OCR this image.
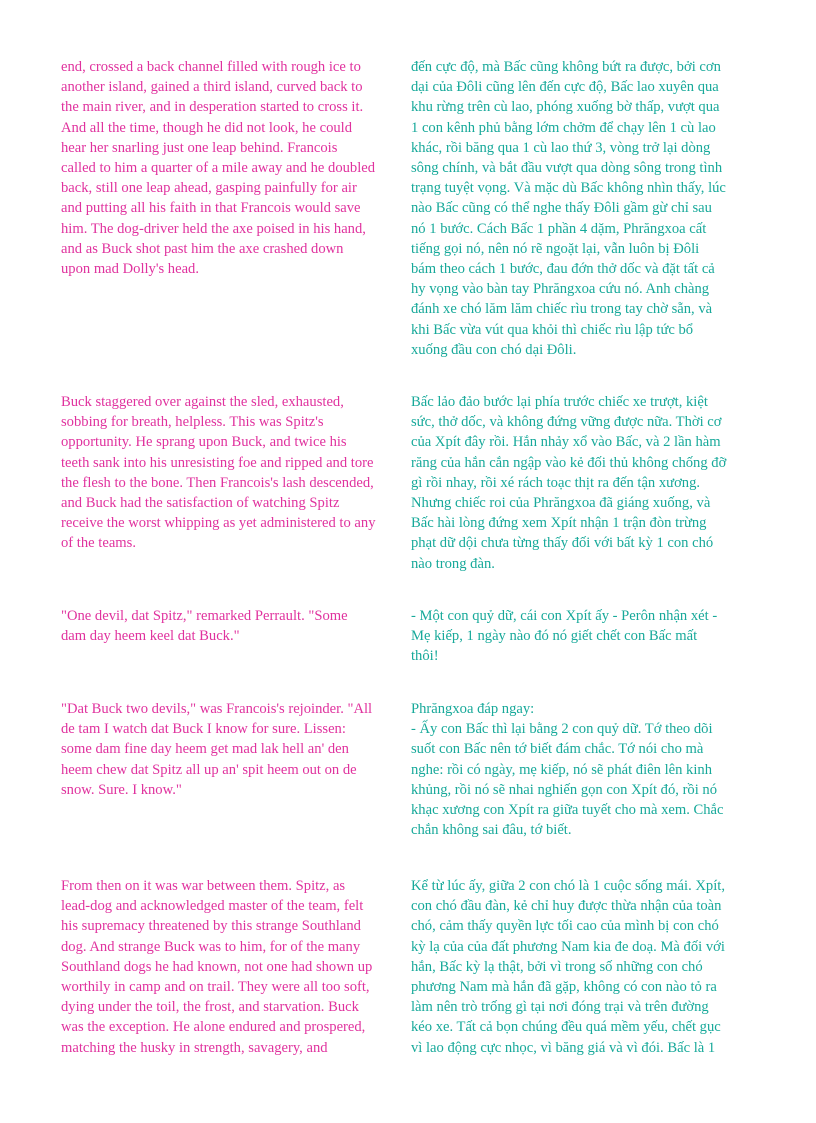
end, crossed a back channel filled with rough ice to
another island, gained a third island, curved back to
the main river, and in desperation started to cross it.
And all the time, though he did not look, he could
hear her snarling just one leap behind. Francois
called to him a quarter of a mile away and he doubled
back, still one leap ahead, gasping painfully for air
and putting all his faith in that Francois would save
him. The dog-driver held the axe poised in his hand,
and as Buck shot past him the axe crashed down
upon mad Dolly's head.
đến cực độ, mà Bấc cũng không bứt ra được, bởi cơn
dại của Đôli cũng lên đến cực độ, Bấc lao xuyên qua
khu rừng trên cù lao, phóng xuống bờ thấp, vượt qua
1 con kênh phủ bằng lớm chởm để chạy lên 1 cù lao
khác, rồi băng qua 1 cù lao thứ 3, vòng trở lại dòng
sông chính, và bắt đầu vượt qua dòng sông trong tình
trạng tuyệt vọng. Và mặc dù Bấc không nhìn thấy, lúc
nào Bấc cũng có thể nghe thấy Đôli gầm gừ chỉ sau
nó 1 bước. Cách Bấc 1 phần 4 dặm, Phrăngxoa cất
tiếng gọi nó, nên nó rẽ ngoặt lại, vẫn luôn bị Đôli
bám theo cách 1 bước, đau đớn thở dốc và đặt tất cả
hy vọng vào bàn tay Phrăngxoa cứu nó. Anh chàng
đánh xe chó lăm lăm chiếc rìu trong tay chờ sẵn, và
khi Bấc vừa vút qua khỏi thì chiếc rìu lập tức bổ
xuống đầu con chó dại Đôli.
Buck staggered over against the sled, exhausted,
sobbing for breath, helpless. This was Spitz's
opportunity. He sprang upon Buck, and twice his
teeth sank into his unresisting foe and ripped and tore
the flesh to the bone. Then Francois's lash descended,
and Buck had the satisfaction of watching Spitz
receive the worst whipping as yet administered to any
of the teams.
Bấc lảo đảo bước lại phía trước chiếc xe trượt, kiệt
sức, thở dốc, và không đứng vững được nữa. Thời cơ
của Xpít đây rồi. Hắn nhảy xổ vào Bấc, và 2 lần hàm
răng của hắn cắn ngập vào kẻ đối thủ không chống đỡ
gì rồi nhay, rồi xé rách toạc thịt ra đến tận xương.
Nhưng chiếc roi của Phrăngxoa đã giáng xuống, và
Bấc hài lòng đứng xem Xpít nhận 1 trận đòn trừng
phạt dữ dội chưa từng thấy đối với bất kỳ 1 con chó
nào trong đàn.
"One devil, dat Spitz," remarked Perrault. "Some
dam day heem keel dat Buck."
- Một con quỷ dữ, cái con Xpít ấy - Perôn nhận xét -
Mẹ kiếp, 1 ngày nào đó nó giết chết con Bấc mất
thôi!
"Dat Buck two devils," was Francois's rejoinder. "All
de tam I watch dat Buck I know for sure. Lissen:
some dam fine day heem get mad lak hell an' den
heem chew dat Spitz all up an' spit heem out on de
snow. Sure. I know."
Phrăngxoa đáp ngay:
- Ấy con Bấc thì lại bằng 2 con quỷ dữ. Tớ theo dõi
suốt con Bấc nên tớ biết đám chắc. Tớ nói cho mà
nghe: rồi có ngày, mẹ kiếp, nó sẽ phát điên lên kinh
khủng, rồi nó sẽ nhai nghiến gọn con Xpít đó, rồi nó
khạc xương con Xpít ra giữa tuyết cho mà xem. Chắc
chắn không sai đâu, tớ biết.
From then on it was war between them. Spitz, as
lead-dog and acknowledged master of the team, felt
his supremacy threatened by this strange Southland
dog. And strange Buck was to him, for of the many
Southland dogs he had known, not one had shown up
worthily in camp and on trail. They were all too soft,
dying under the toil, the frost, and starvation. Buck
was the exception. He alone endured and prospered,
matching the husky in strength, savagery, and
Kể từ lúc ấy, giữa 2 con chó là 1 cuộc sống mái. Xpít,
con chó đầu đàn, kẻ chỉ huy được thừa nhận của toàn
chó, cảm thấy quyền lực tối cao của mình bị con chó
kỳ lạ của của đất phương Nam kia đe doạ. Mà đối với
hắn, Bấc kỳ lạ thật, bởi vì trong số những con chó
phương Nam mà hắn đã gặp, không có con nào tỏ ra
làm nên trò trống gì tại nơi đóng trại và trên đường
kéo xe. Tất cả bọn chúng đều quá mềm yếu, chết gục
vì lao động cực nhọc, vì băng giá và vì đói. Bấc là 1
